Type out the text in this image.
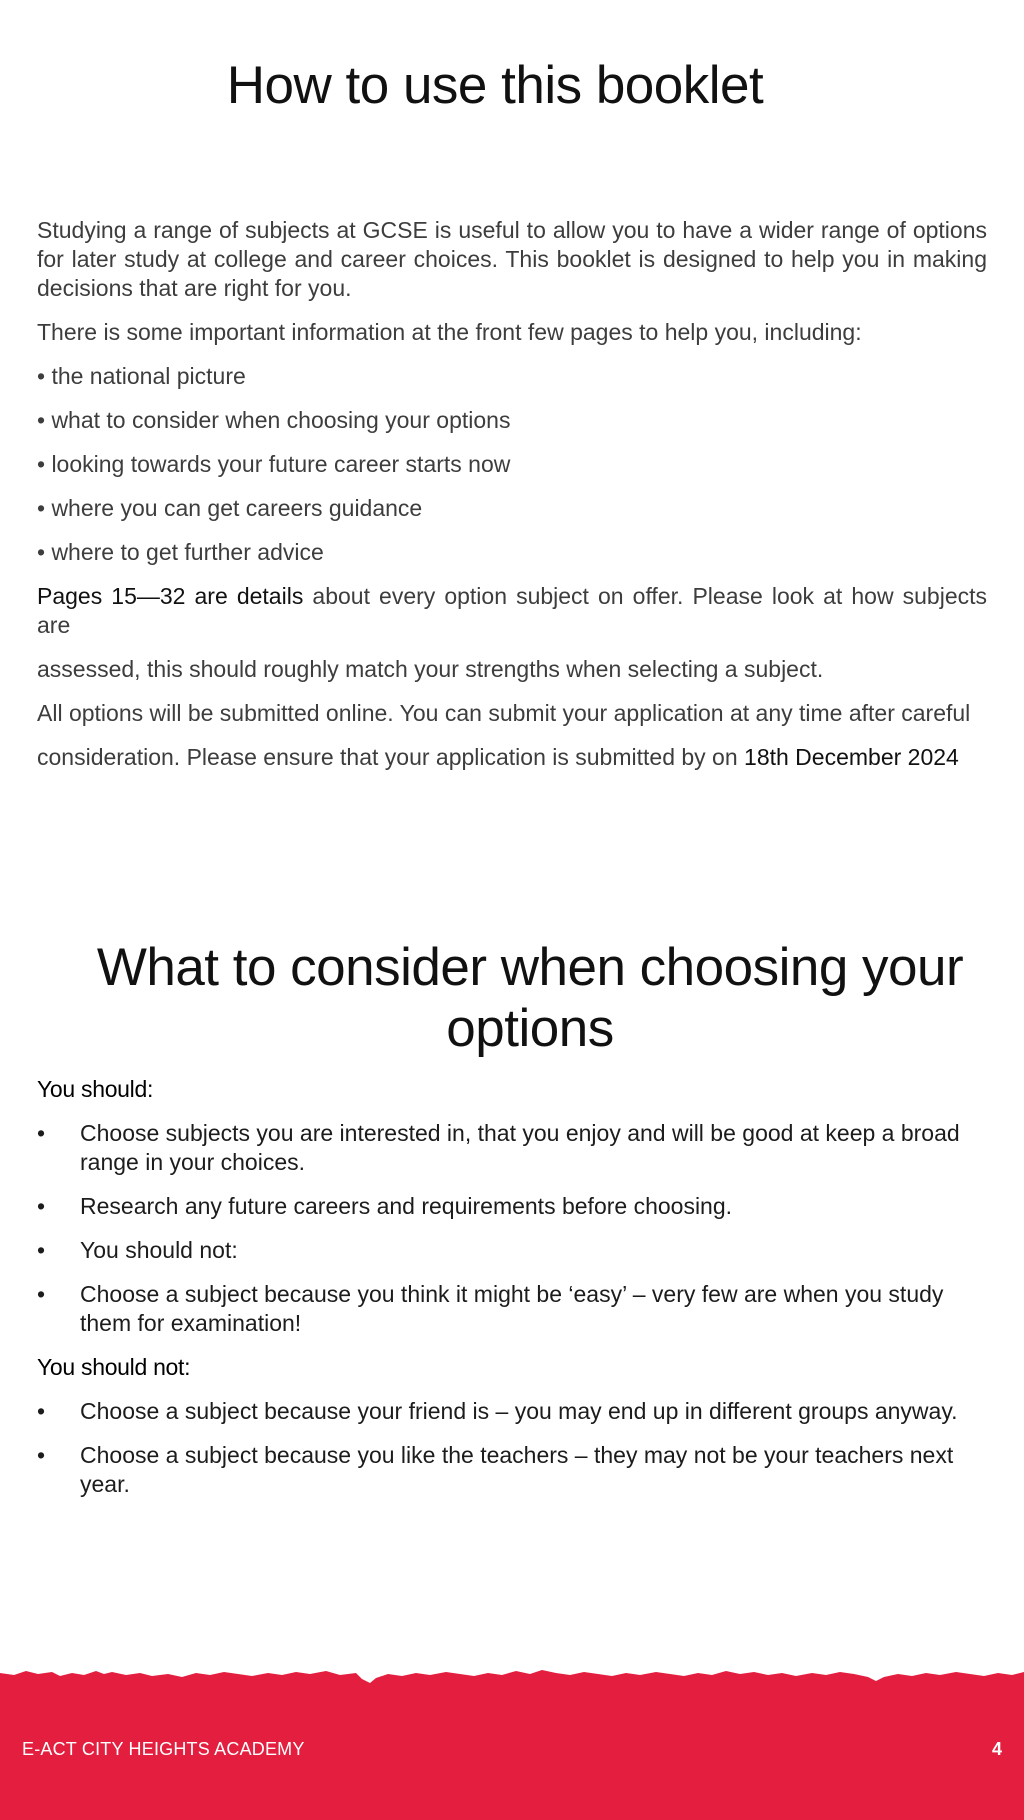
How to use this booklet

Studying a range of subjects at GCSE is useful to allow you to have a wider range of options for later study at college and career choices. This booklet is designed to help you in making decisions that are right for you.

There is some important information at the front few pages to help you, including:

• the national picture

• what to consider when choosing your options

• looking towards your future career starts now

• where you can get careers guidance

• where to get further advice

Pages 15—32 are details about every option subject on offer. Please look at how subjects are

assessed, this should roughly match your strengths when selecting a subject.

All options will be submitted online. You can submit your application at any time after careful

consideration. Please ensure that your application is submitted by on 18th December 2024

What to consider when choosing your options
You should:
• Choose subjects you are interested in, that you enjoy and will be good at keep a broad range in your choices.
• Research any future careers and requirements before choosing.
• You should not:
• Choose a subject because you think it might be ‘easy’ – very few are when you study them for examination!
You should not:
• Choose a subject because your friend is – you may end up in different groups anyway.
• Choose a subject because you like the teachers – they may not be your teachers next year.
E-ACT CITY HEIGHTS ACADEMY	4
